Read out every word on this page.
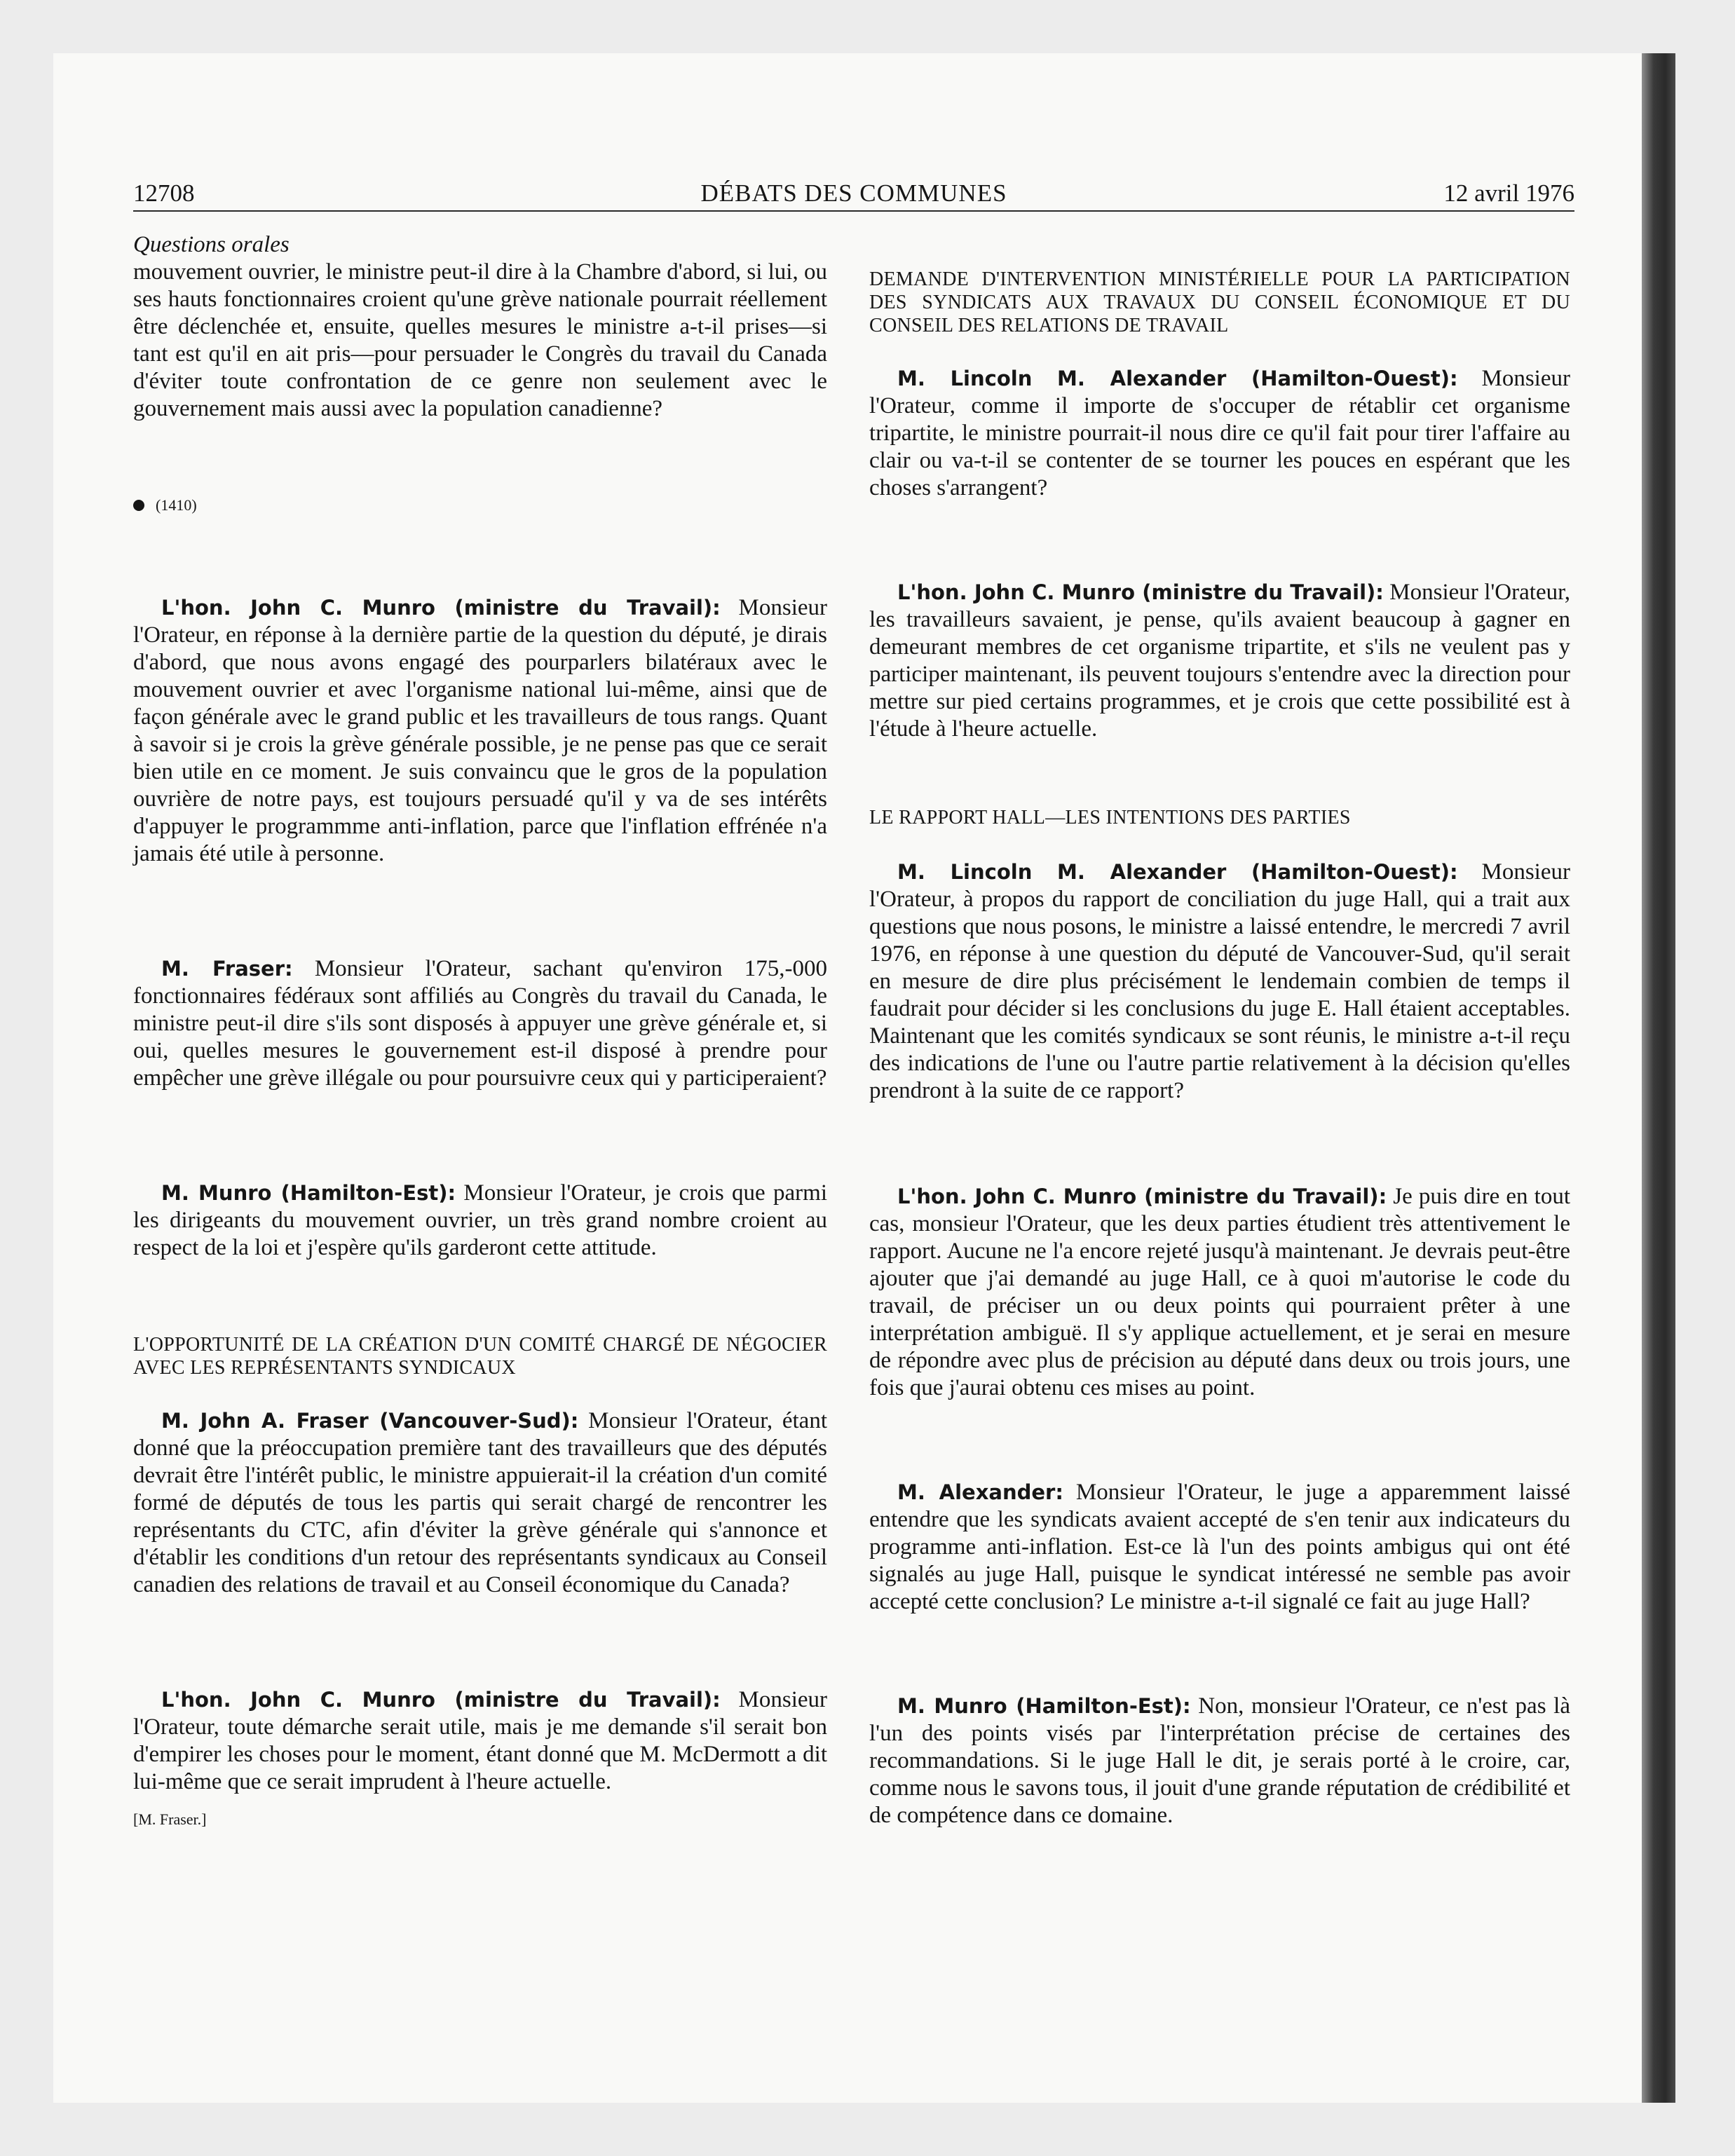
12708	DÉBATS DES COMMUNES	12 avril 1976

Questions orales

mouvement ouvrier, le ministre peut-il dire à la Chambre d'abord, si lui, ou ses hauts fonctionnaires croient qu'une grève nationale pourrait réellement être déclenchée et, ensuite, quelles mesures le ministre a-t-il prises—si tant est qu'il en ait pris—pour persuader le Congrès du travail du Canada d'éviter toute confrontation de ce genre non seulement avec le gouvernement mais aussi avec la population canadienne?

(1410)

L'hon. John C. Munro (ministre du Travail): Monsieur l'Orateur, en réponse à la dernière partie de la question du député, je dirais d'abord, que nous avons engagé des pourparlers bilatéraux avec le mouvement ouvrier et avec l'organisme national lui-même, ainsi que de façon générale avec le grand public et les travailleurs de tous rangs. Quant à savoir si je crois la grève générale possible, je ne pense pas que ce serait bien utile en ce moment. Je suis convaincu que le gros de la population ouvrière de notre pays, est toujours persuadé qu'il y va de ses intérêts d'appuyer le programmme anti-inflation, parce que l'inflation effrénée n'a jamais été utile à personne.

M. Fraser: Monsieur l'Orateur, sachant qu'environ 175,-000 fonctionnaires fédéraux sont affiliés au Congrès du travail du Canada, le ministre peut-il dire s'ils sont disposés à appuyer une grève générale et, si oui, quelles mesures le gouvernement est-il disposé à prendre pour empêcher une grève illégale ou pour poursuivre ceux qui y participeraient?

M. Munro (Hamilton-Est): Monsieur l'Orateur, je crois que parmi les dirigeants du mouvement ouvrier, un très grand nombre croient au respect de la loi et j'espère qu'ils garderont cette attitude.

L'OPPORTUNITÉ DE LA CRÉATION D'UN COMITÉ CHARGÉ DE NÉGOCIER AVEC LES REPRÉSENTANTS SYNDICAUX

M. John A. Fraser (Vancouver-Sud): Monsieur l'Orateur, étant donné que la préoccupation première tant des travailleurs que des députés devrait être l'intérêt public, le ministre appuierait-il la création d'un comité formé de députés de tous les partis qui serait chargé de rencontrer les représentants du CTC, afin d'éviter la grève générale qui s'annonce et d'établir les conditions d'un retour des représentants syndicaux au Conseil canadien des relations de travail et au Conseil économique du Canada?

L'hon. John C. Munro (ministre du Travail): Monsieur l'Orateur, toute démarche serait utile, mais je me demande s'il serait bon d'empirer les choses pour le moment, étant donné que M. McDermott a dit lui-même que ce serait imprudent à l'heure actuelle.

[M. Fraser.]

DEMANDE D'INTERVENTION MINISTÉRIELLE POUR LA PARTICIPATION DES SYNDICATS AUX TRAVAUX DU CONSEIL ÉCONOMIQUE ET DU CONSEIL DES RELATIONS DE TRAVAIL

M. Lincoln M. Alexander (Hamilton-Ouest): Monsieur l'Orateur, comme il importe de s'occuper de rétablir cet organisme tripartite, le ministre pourrait-il nous dire ce qu'il fait pour tirer l'affaire au clair ou va-t-il se contenter de se tourner les pouces en espérant que les choses s'arrangent?

L'hon. John C. Munro (ministre du Travail): Monsieur l'Orateur, les travailleurs savaient, je pense, qu'ils avaient beaucoup à gagner en demeurant membres de cet organisme tripartite, et s'ils ne veulent pas y participer maintenant, ils peuvent toujours s'entendre avec la direction pour mettre sur pied certains programmes, et je crois que cette possibilité est à l'étude à l'heure actuelle.

LE RAPPORT HALL—LES INTENTIONS DES PARTIES

M. Lincoln M. Alexander (Hamilton-Ouest): Monsieur l'Orateur, à propos du rapport de conciliation du juge Hall, qui a trait aux questions que nous posons, le ministre a laissé entendre, le mercredi 7 avril 1976, en réponse à une question du député de Vancouver-Sud, qu'il serait en mesure de dire plus précisément le lendemain combien de temps il faudrait pour décider si les conclusions du juge E. Hall étaient acceptables. Maintenant que les comités syndicaux se sont réunis, le ministre a-t-il reçu des indications de l'une ou l'autre partie relativement à la décision qu'elles prendront à la suite de ce rapport?

L'hon. John C. Munro (ministre du Travail): Je puis dire en tout cas, monsieur l'Orateur, que les deux parties étudient très attentivement le rapport. Aucune ne l'a encore rejeté jusqu'à maintenant. Je devrais peut-être ajouter que j'ai demandé au juge Hall, ce à quoi m'autorise le code du travail, de préciser un ou deux points qui pourraient prêter à une interprétation ambiguë. Il s'y applique actuellement, et je serai en mesure de répondre avec plus de précision au député dans deux ou trois jours, une fois que j'aurai obtenu ces mises au point.

M. Alexander: Monsieur l'Orateur, le juge a apparemment laissé entendre que les syndicats avaient accepté de s'en tenir aux indicateurs du programme anti-inflation. Est-ce là l'un des points ambigus qui ont été signalés au juge Hall, puisque le syndicat intéressé ne semble pas avoir accepté cette conclusion? Le ministre a-t-il signalé ce fait au juge Hall?

M. Munro (Hamilton-Est): Non, monsieur l'Orateur, ce n'est pas là l'un des points visés par l'interprétation précise de certaines des recommandations. Si le juge Hall le dit, je serais porté à le croire, car, comme nous le savons tous, il jouit d'une grande réputation de crédibilité et de compétence dans ce domaine.
